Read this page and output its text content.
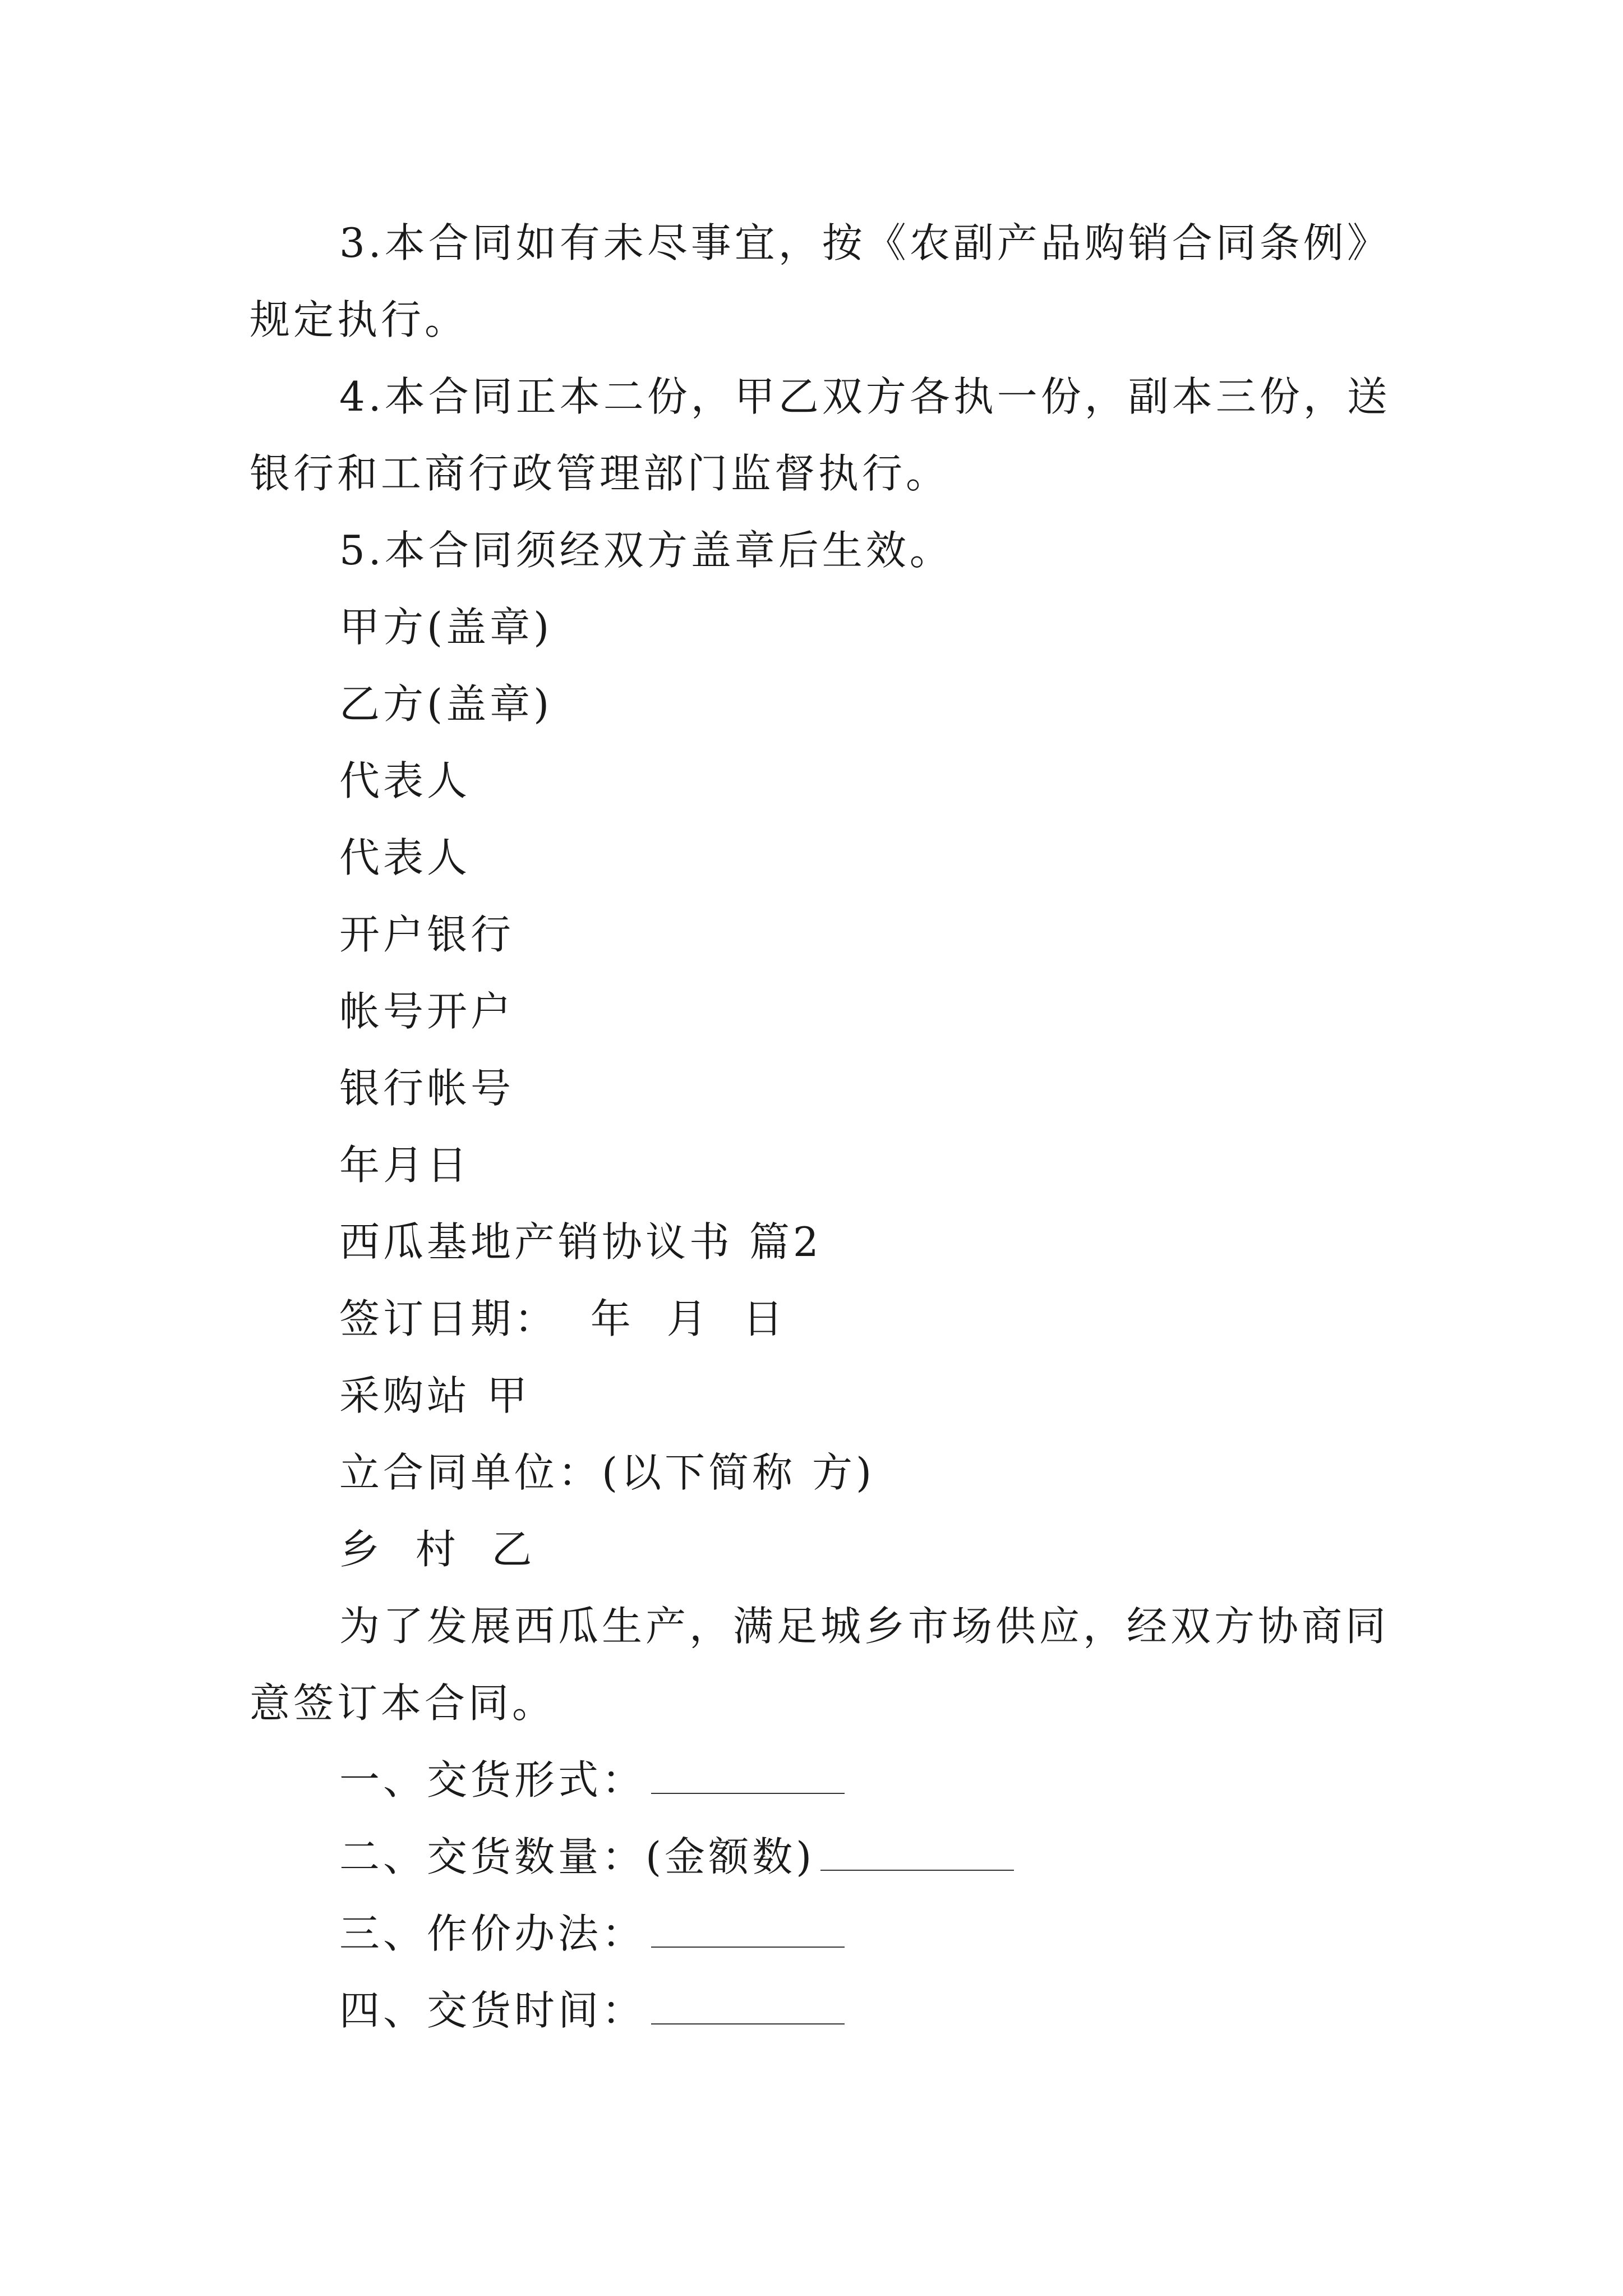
3.本合同如有未尽事宜，按《农副产品购销合同条例》
规定执行。
4.本合同正本二份，甲乙双方各执一份，副本三份，送
银行和工商行政管理部门监督执行。
5.本合同须经双方盖章后生效。
甲方(盖章)
乙方(盖章)
代表人
代表人
开户银行
帐号开户
银行帐号
年月日
西瓜基地产销协议书 篇2
签订日期：  年  月  日
采购站 甲
立合同单位：(以下简称 方)
乡  村  乙
为了发展西瓜生产，满足城乡市场供应，经双方协商同
意签订本合同。
一、交货形式：
二、交货数量：(金额数)
三、作价办法：
四、交货时间：
